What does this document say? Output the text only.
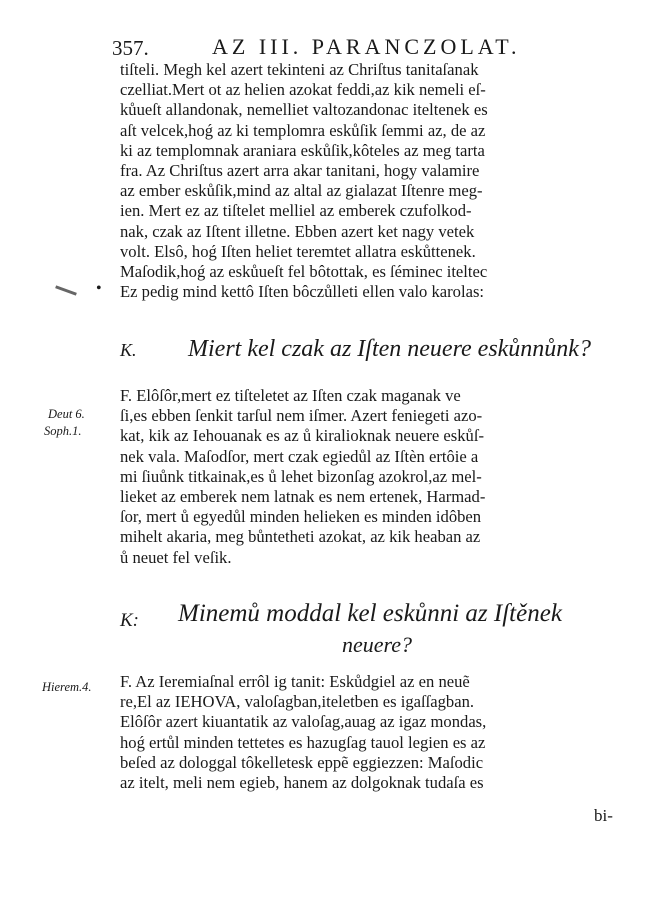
357.	AZ III. PARANCZOLAT.
tiſteli. Megh kel azert tekinteni az Chriſtus tanitaſanak
czelliat.Mert ot az helien azokat feddi,az kik nemeli eſ-
kůueſt allandonak, nemelliet valtozandonac iteltenek es
aſt velcek,hoǵ az ki templomra eskůſik ſemmi az, de az
ki az templomnak araniara eskůſik,kôteles az meg tarta
fra. Az Chriſtus azert arra akar tanitani, hogy valamire
az ember eskůſik,mind az altal az gialazat Iſtenre meg-
ien. Mert ez az tiſtelet melliel az emberek czufolkod-
nak, czak az Iſtent illetne. Ebben azert ket nagy vetek
volt. Elsô, hoǵ Iſten heliet teremtet allatra eskůttenek.
Maſodik,hoǵ az eskůueſt fel bôtottak, es ſéminec iteltec
Ez pedig mind kettô Iſten bôczůlleti ellen valo karolas:
•
K. Miert kel czak az Iſten neuere eskůnnůnk?
F. Elôſôr,mert ez tiſteletet az Iſten czak maganak ve
ſi,es ebben ſenkit tarſul nem iſmer. Azert feniegeti azo-
kat, kik az Iehouanak es az ů kiralioknak neuere eskůſ-
nek vala. Maſodſor, mert czak egiedůl az Iſtèn ertôie a
mi ſiuůnk titkainak,es ů lehet bizonſag azokrol,az mel-
lieket az emberek nem latnak es nem ertenek, Harmad-
ſor, mert ů egyedůl minden helieken es minden idôben
mihelt akaria, meg bůntetheti azokat, az kik heaban az
ů neuet fel veſik.
Deut 6.
Soph.1.
K: Minemů moddal kel eskůnni az Iſtěnek
neuere?
Hierem.4. F. Az Ieremiaſnal errôl ig tanit: Eskůdgiel az en neuẽ
re,El az IEHOVA, valoſagban,iteletben es igaſſagban.
Elôſôr azert kiuantatik az valoſag,auag az igaz mondas,
hoǵ ertůl minden tettetes es hazugſag tauol legien es az
beſed az dologgal tôkelletesk eppẽ eggiezzen: Maſodic
az itelt, meli nem egieb, hanem az dolgoknak tudaſa es
bi-
